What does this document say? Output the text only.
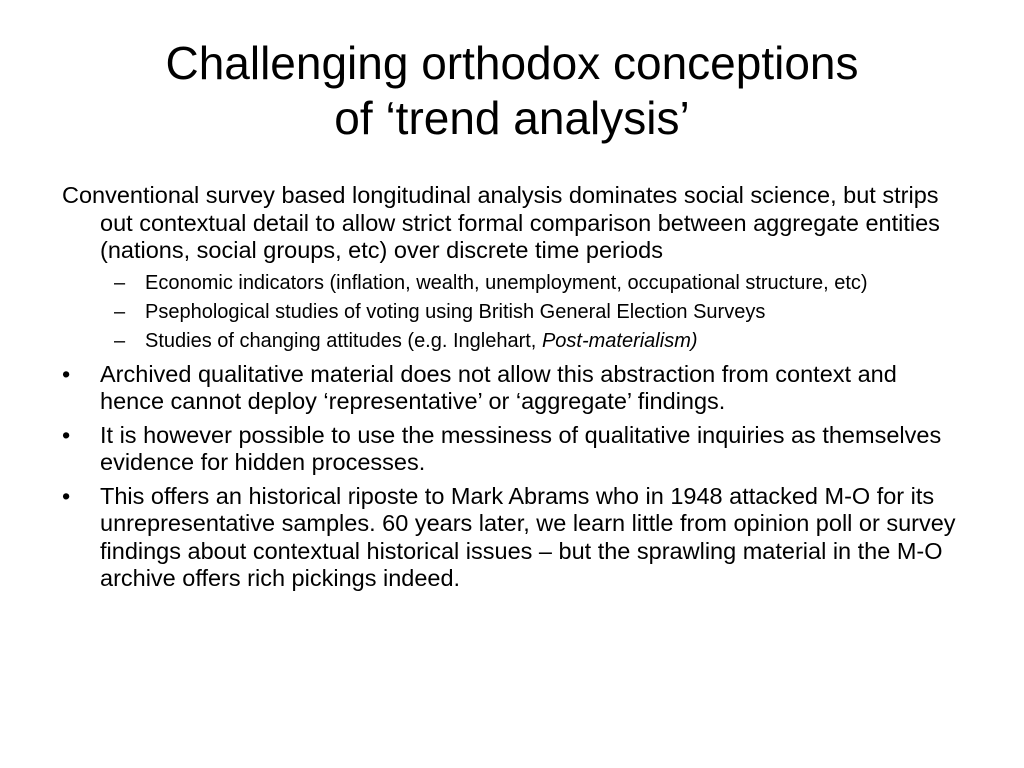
Challenging orthodox conceptions
of ‘trend analysis’

Conventional survey based longitudinal analysis dominates social science, but strips out contextual detail to allow strict formal comparison between aggregate entities (nations, social groups, etc) over discrete time periods

– Economic indicators (inflation, wealth, unemployment, occupational structure, etc)
– Psephological studies of voting using British General Election Surveys
– Studies of changing attitudes (e.g. Inglehart, Post-materialism)
•	Archived qualitative material does not allow this abstraction from context and hence cannot deploy ‘representative’ or ‘aggregate’ findings.
•	It is however possible to use the messiness of qualitative inquiries as themselves evidence for hidden processes.
•	This offers an historical riposte to Mark Abrams who in 1948 attacked M-O for its unrepresentative samples. 60 years later, we learn little from opinion poll or survey findings about contextual historical issues – but the sprawling material in the M-O archive offers rich pickings indeed.
